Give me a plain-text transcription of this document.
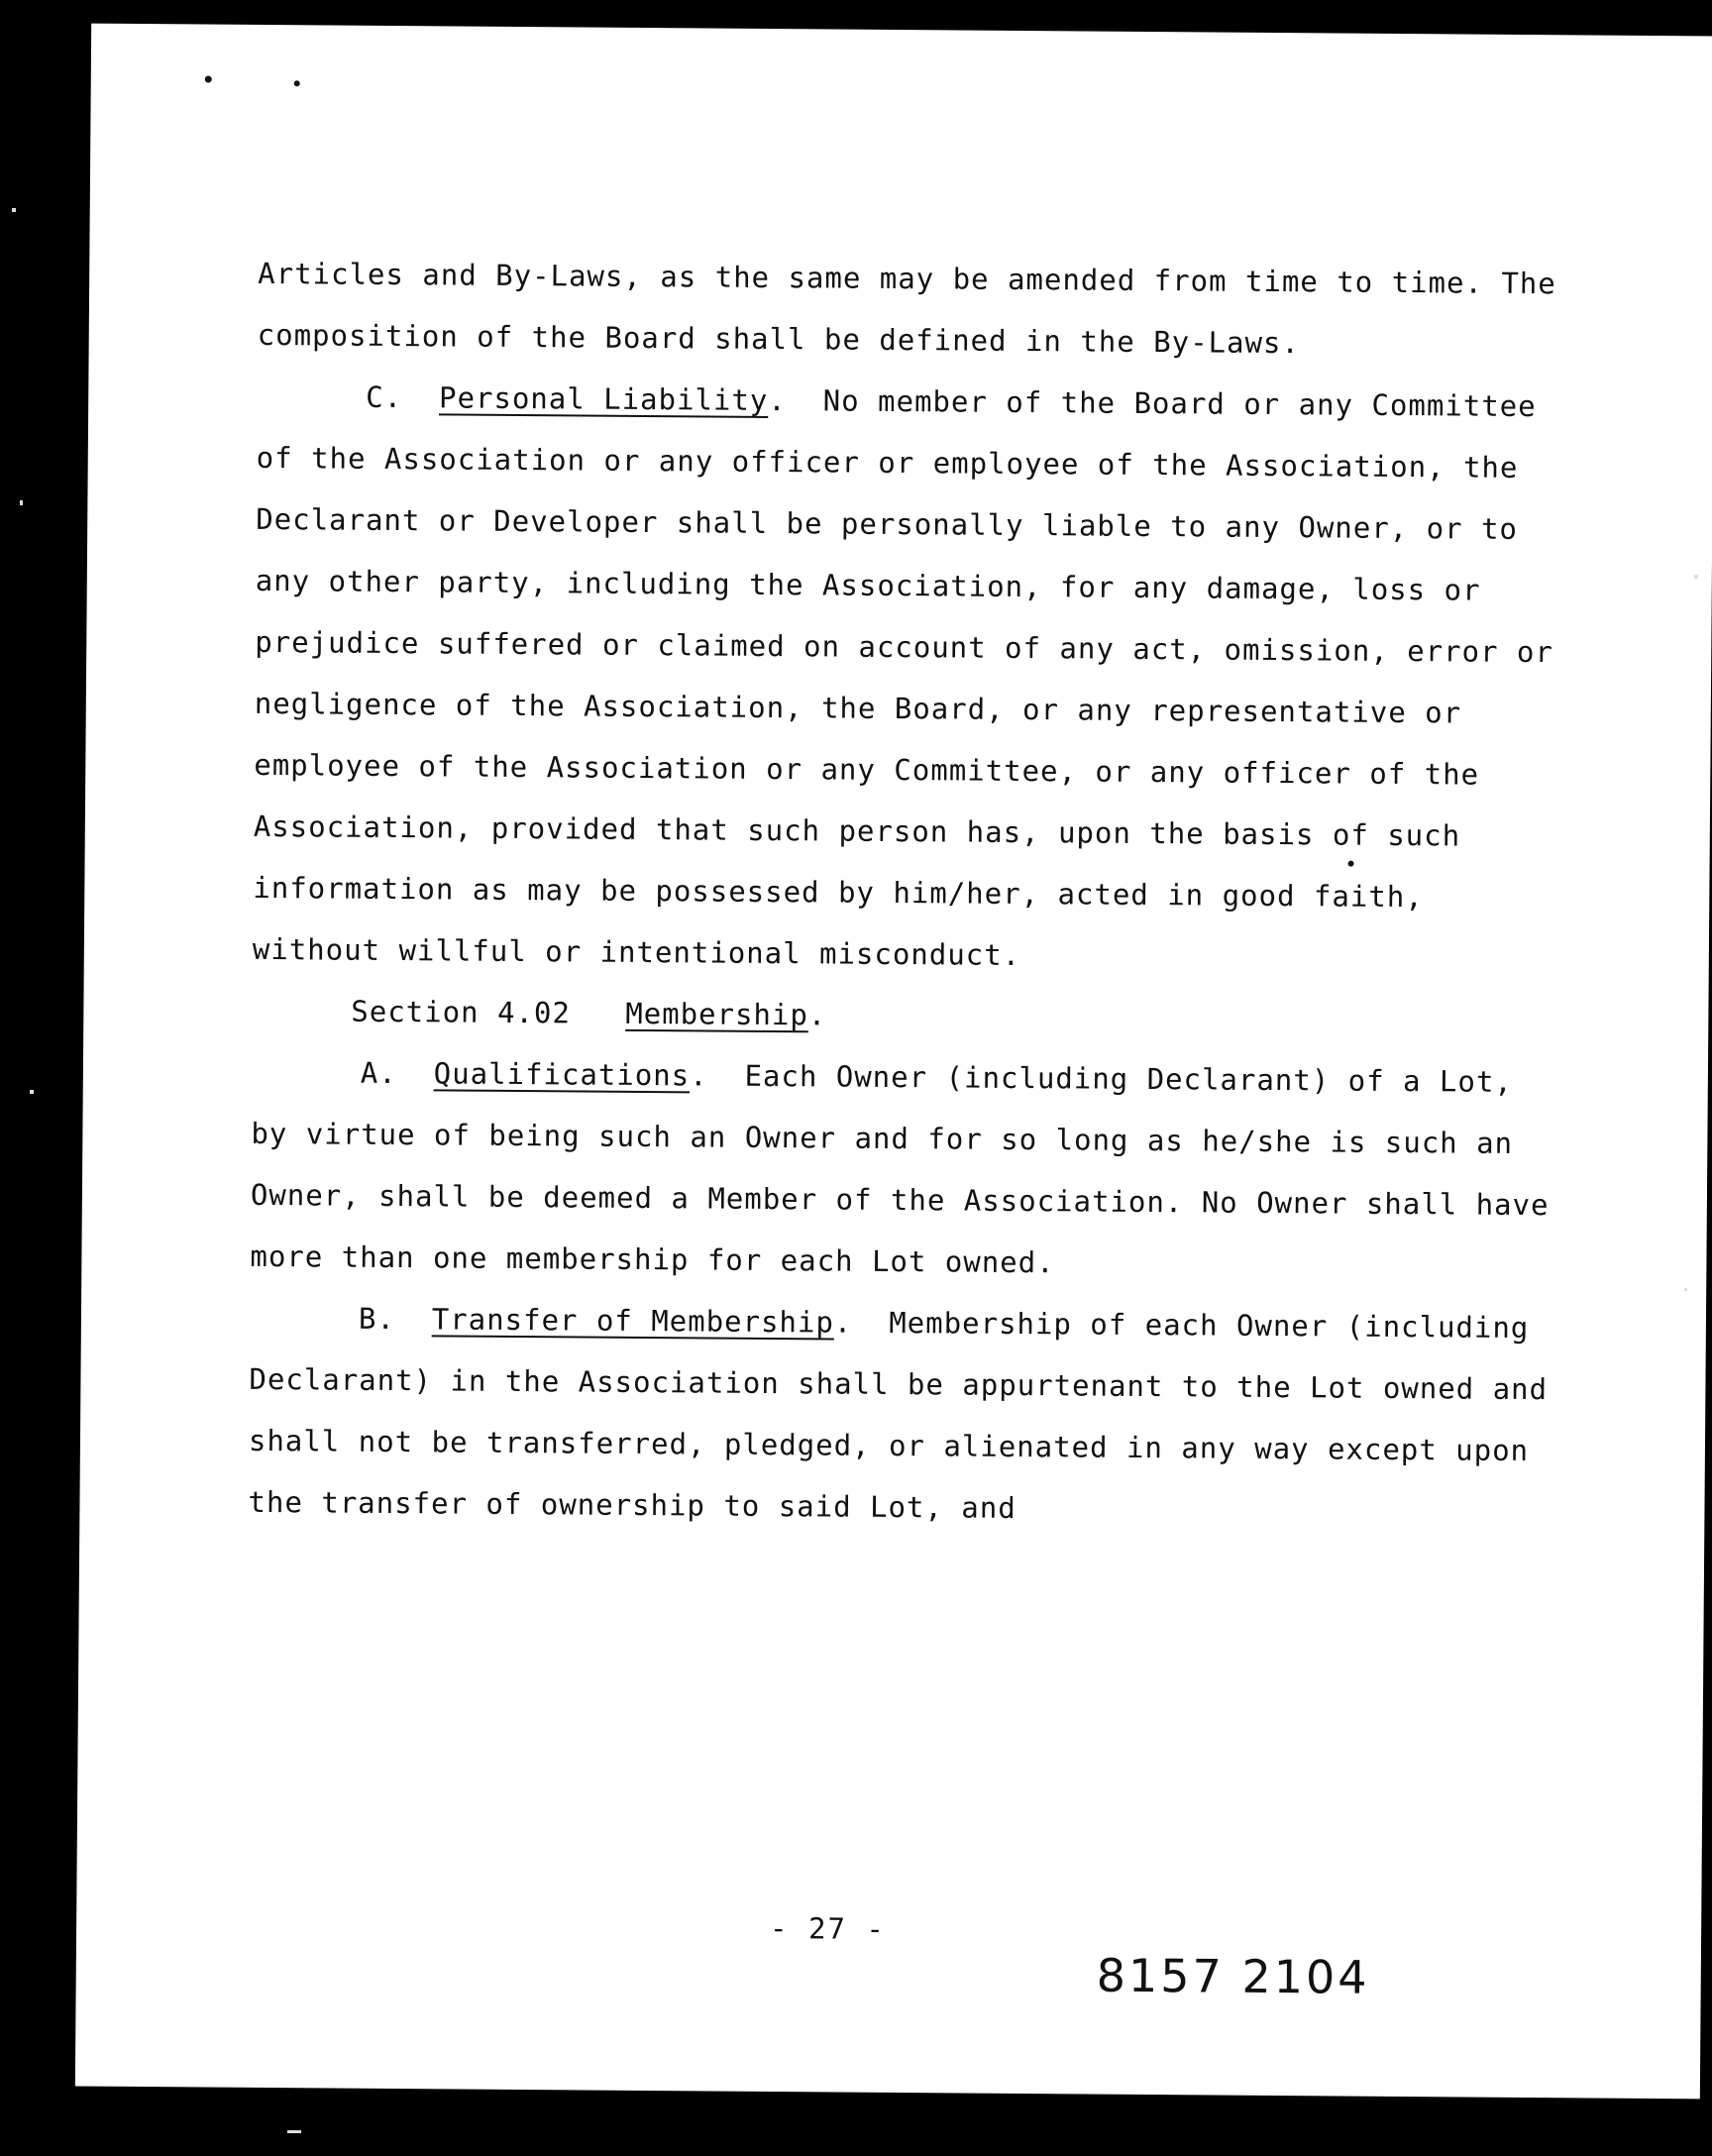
Articles and By-Laws, as the same may be amended from time to time. The composition of the Board shall be defined in the By-Laws.

C. Personal Liability.  No member of the Board or any Committee of the Association or any officer or employee of the Association, the Declarant or Developer shall be personally liable to any Owner, or to any other party, including the Association, for any damage, loss or prejudice suffered or claimed on account of any act, omission, error or negligence of the Association, the Board, or any representative or employee of the Association or any Committee, or any officer of the Association, provided that such person has, upon the basis of such information as may be possessed by him/her, acted in good faith, without willful or intentional misconduct.

Section 4.02 Membership.

A. Qualifications.  Each Owner (including Declarant) of a Lot, by virtue of being such an Owner and for so long as he/she is such an Owner, shall be deemed a Member of the Association. No Owner shall have more than one membership for each Lot owned.

B. Transfer of Membership.  Membership of each Owner (including Declarant) in the Association shall be appurtenant to the Lot owned and shall not be transferred, pledged, or alienated in any way except upon the transfer of ownership to said Lot, and

- 27 -
8157 2104
